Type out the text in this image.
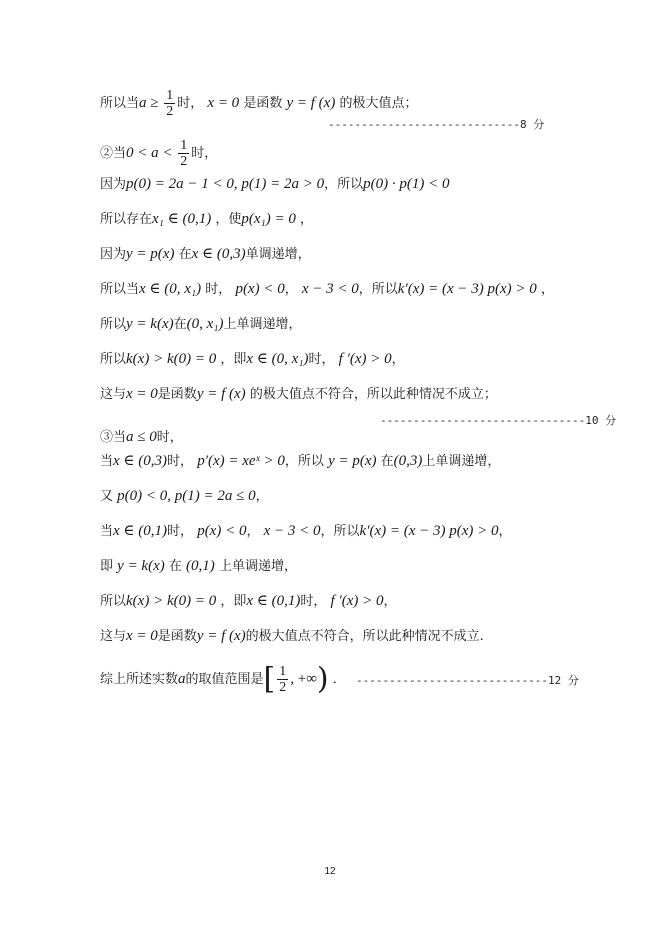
所以当$a \ge \frac{1}{2}$ 时， x = 0 是函数 y = f (x) 的极大值点；
-----------------------------8 分
②当$0 < a < \frac{1}{2}$ 时，
因为p(0) = 2a − 1 < 0, p(1) = 2a > 0，所以p(0) · p(1) < 0
所以存在x₁ ∈ (0,1) ，使p(x₁) = 0 ，
因为y = p(x) 在x ∈ (0,3)单调递增，
所以当x ∈ (0, x₁) 时， p(x) < 0， x − 3 < 0，所以k′(x) = (x − 3) p(x) > 0 ，
所以y = k(x)在(0, x₁)上单调递增，
所以k(x) > k(0) = 0 ，即x ∈ (0, x₁)时， f ′(x) > 0，
这与x = 0是函数y = f (x) 的极大值点不符合，所以此种情况不成立；
-------------------------------10 分
③当a ≤ 0时，
当x ∈ (0,3)时， p′(x) = xeˣ > 0，所以 y = p(x) 在(0,3)上单调递增，
又 p(0) < 0, p(1) = 2a ≤ 0，
当x ∈ (0,1)时， p(x) < 0， x − 3 < 0，所以k′(x) = (x − 3) p(x) > 0，
即 y = k(x) 在 (0,1) 上单调递增，
所以k(x) > k(0) = 0 ，即x ∈ (0,1)时， f ′(x) > 0，
这与x = 0是函数y = f (x)的极大值点不符合，所以此种情况不成立.
综上所述实数a的取值范围是[ $\frac{1}{2}$ , +∞) ． -----------------------------12 分
12
